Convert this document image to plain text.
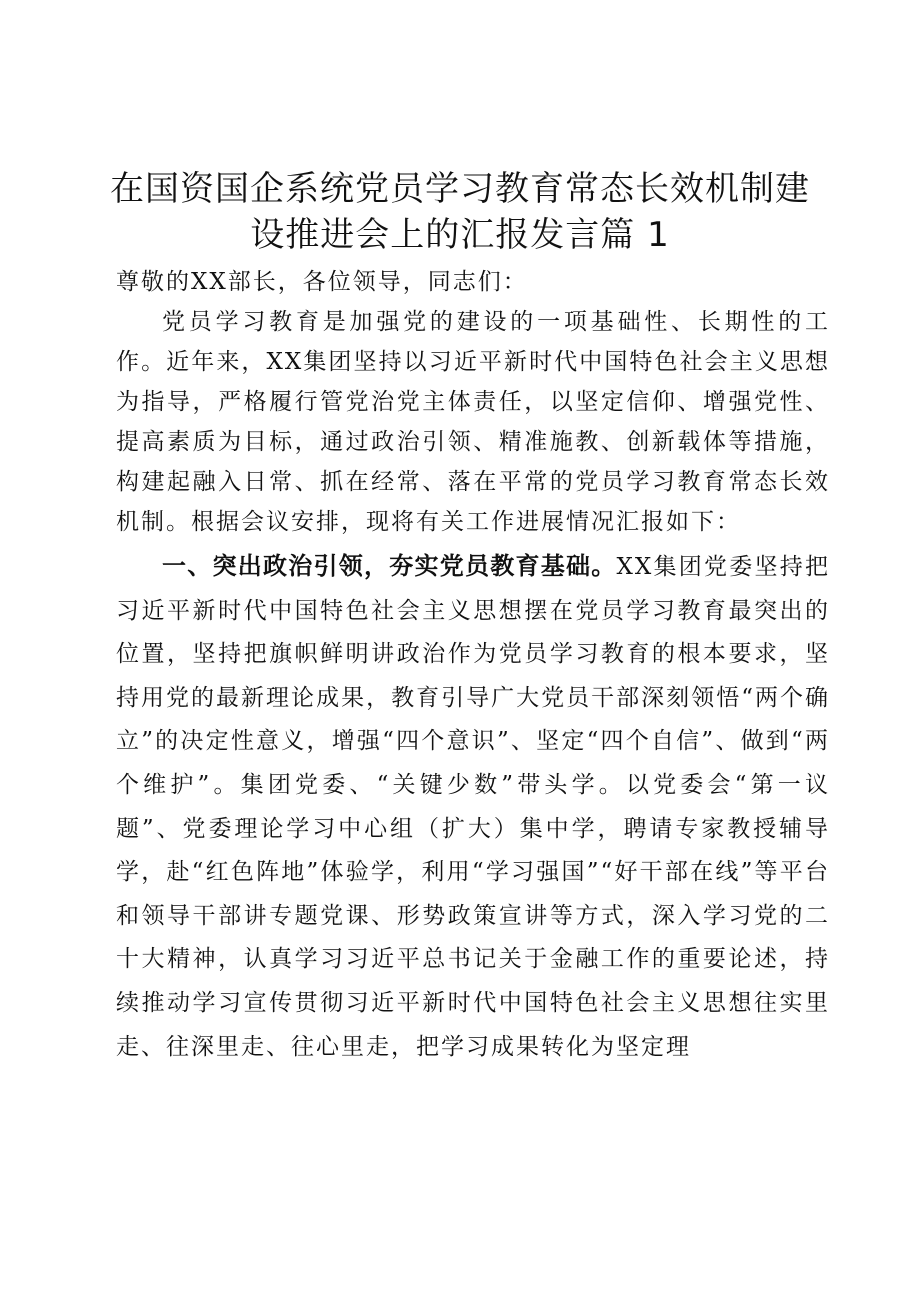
在国资国企系统党员学习教育常态长效机制建
设推进会上的汇报发言篇 1

尊敬的XX部长，各位领导，同志们：

党员学习教育是加强党的建设的一项基础性、长期性的工作。近年来，XX集团坚持以习近平新时代中国特色社会主义思想为指导，严格履行管党治党主体责任，以坚定信仰、增强党性、提高素质为目标，通过政治引领、精准施教、创新载体等措施，构建起融入日常、抓在经常、落在平常的党员学习教育常态长效机制。根据会议安排，现将有关工作进展情况汇报如下：

一、突出政治引领，夯实党员教育基础。XX集团党委坚持把习近平新时代中国特色社会主义思想摆在党员学习教育最突出的位置，坚持把旗帜鲜明讲政治作为党员学习教育的根本要求，坚持用党的最新理论成果，教育引导广大党员干部深刻领悟“两个确立”的决定性意义，增强“四个意识”、坚定“四个自信”、做到“两个维护”。集团党委、“关键少数”带头学。以党委会“第一议题”、党委理论学习中心组（扩大）集中学，聘请专家教授辅导学，赴“红色阵地”体验学，利用“学习强国”“好干部在线”等平台和领导干部讲专题党课、形势政策宣讲等方式，深入学习党的二十大精神，认真学习习近平总书记关于金融工作的重要论述，持续推动学习宣传贯彻习近平新时代中国特色社会主义思想往实里走、往深里走、往心里走，把学习成果转化为坚定理
